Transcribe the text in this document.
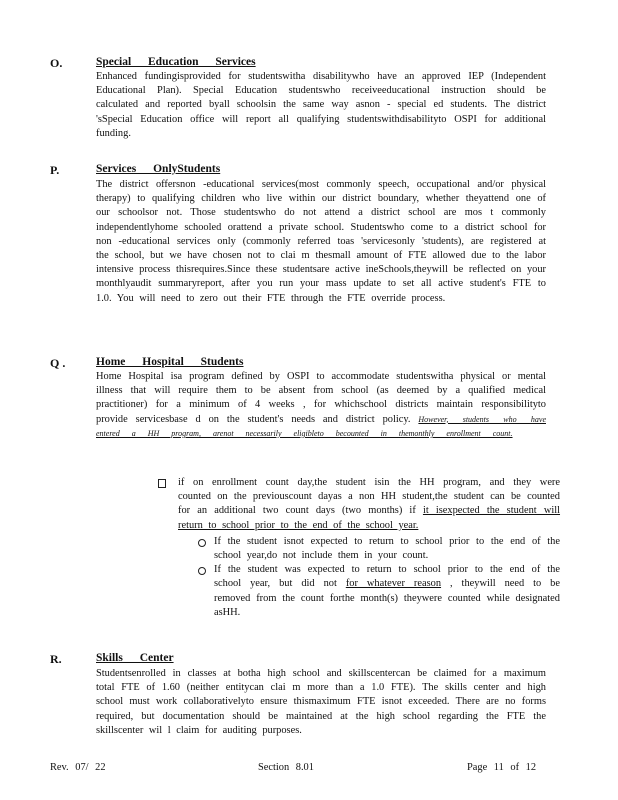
O.	Special Education Services
Enhanced fundingisprovided for studentswitha disabilitywho have an approved IEP (Independent Educational Plan). Special Education studentswho receiveeducational instruction should be calculated and reported byall schoolsin the same way asnon - special ed students. The district 'sSpecial Education office will report all qualifying studentswithdisabilityto OSPI for additional funding.
P.	Services OnlyStudents
The district offersnon -educational services(most commonly speech, occupational and/or physical therapy) to qualifying children who live within our district boundary, whether theyattend one of our schoolsor not. Those studentswho do not attend a district school are mos t commonly independentlyhome schooled orattend a private school. Studentswho come to a district school for non -educational services only (commonly referred toas 'servicesonly 'students), are registered at the school, but we have chosen not to clai m thesmall amount of FTE allowed due to the labor intensive process thisrequires.Since these studentsare active ineSchools,theywill be reflected on your monthlyaudit summaryreport, after you run your mass update to set all active student's FTE to 1.0. You will need to zero out their FTE through the FTE override process.
Q .	Home Hospital Students
Home Hospital isa program defined by OSPI to accommodate studentswitha physical or mental illness that will require them to be absent from school (as deemed by a qualified medical practitioner) for a minimum of 4 weeks , for whichschool districts maintain responsibilityto provide servicesbase d on the student's needs and district policy. However, students who have entered a HH program, arenot necessarily eligibleto becounted in themonthly enrollment count.
if on enrollment count day,the student isin the HH program, and they were counted on the previouscount dayas a non HH student,the student can be counted for an additional two count days (two months) if it isexpected the student will return to school prior to the end of the school year.
If the student isnot expected to return to school prior to the end of the school year,do not include them in your count.
If the student was expected to return to school prior to the end of the school year, but did not for whatever reason , theywill need to be removed from the count forthe month(s) theywere counted while designated asHH.
R.	Skills Center
Studentsenrolled in classes at botha high school and skillscentercan be claimed for a maximum total FTE of 1.60 (neither entitycan clai m more than a 1.0 FTE). The skills center and high school must work collaborativelyto ensure thismaximum FTE isnot exceeded. There are no forms required, but documentation should be maintained at the high school regarding the FTE the skillscenter wil l claim for auditing purposes.
Rev. 07/ 22	Section 8.01	Page 11 of 12
